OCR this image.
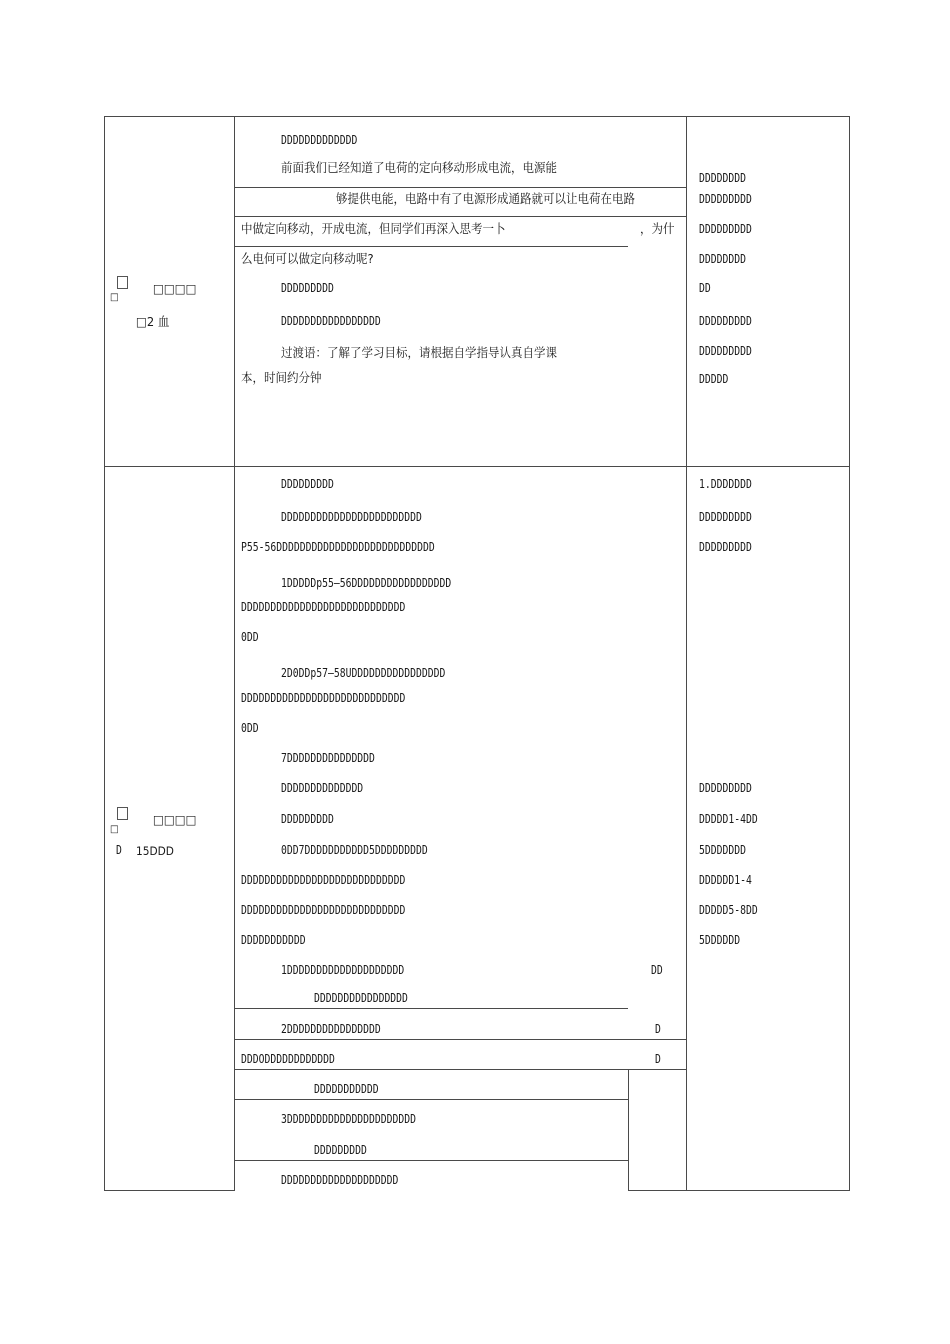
□
□□□□
□2 血
DDDDDDDDDDDDD
前面我们已经知道了电荷的定向移动形成电流，电源能
够提供电能，电路中有了电源形成通路就可以让电荷在电路
中做定向移动，开成电流，但同学们再深入思考一卜	，为什
么电何可以做定向移动呢?
DDDDDDDDD
DDDDDDDDDDDDDDDDD
过渡语：了解了学习目标，请根据自学指导认真自学课
本，时间约分钟
DDDDDDDD
DDDDDDDDD
DDDDDDDDD
DDDDDDDD
DD
DDDDDDDDD
DDDDDDDDD
DDDDD
□
□□□□
D 15DDD
DDDDDDDDD
DDDDDDDDDDDDDDDDDDDDDDDD
P55-56DDDDDDDDDDDDDDDDDDDDDDDDDDD
1DDDDDp55—56DDDDDDDDDDDDDDDDD
DDDDDDDDDDDDDDDDDDDDDDDDDDDD
0DD
2D0DDp57—58UDDDDDDDDDDDDDDDD
DDDDDDDDDDDDDDDDDDDDDDDDDDDD
0DD
7DDDDDDDDDDDDDDD
DDDDDDDDDDDDDD
DDDDDDDDD
0DD7DDDDDDDDDDD5DDDDDDDDD
DDDDDDDDDDDDDDDDDDDDDDDDDDDD
DDDDDDDDDDDDDDDDDDDDDDDDDDDD
DDDDDDDDDDD
1DDDDDDDDDDDDDDDDDDDD
DDDDDDDDDDDDDDDD
2DDDDDDDDDDDDDDDD
DDDODDDDDDDDDDDD
DDDDDDDDDDD
3DDDDDDDDDDDDDDDDDDDDDD
DDDDDDDDD
DDDDDDDDDDDDDDDDDDDD
DD
D
D
1.DDDDDDD
DDDDDDDDD
DDDDDDDDD
DDDDDDDDD
DDDDD1-4DD
5DDDDDDD
DDDDDD1-4
DDDDD5-8DD
5DDDDDD
